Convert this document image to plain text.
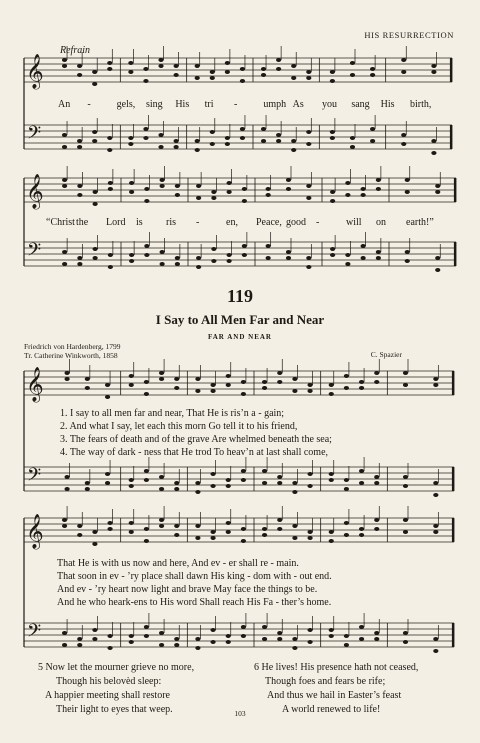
HIS RESURRECTION
Refrain
𝄞
𝄢
𝄞
𝄢
𝄞
𝄢
𝄞
𝄢
An -	gels, sing His tri -	umph As you sang His birth,
“Christ the Lord is ris -	en, Peace, good -	will on earth!”
119
I Say to All Men Far and Near
FAR AND NEAR
Friedrich von Hardenberg, 1799
Tr. Catherine Winkworth, 1858	C. Spazier
1. I say to all men far and near, That He is ris’n a - gain;
2. And what I say, let each this morn Go tell it to his friend,
3. The fears of death and of the grave Are whelmed beneath the sea;
4. The way of dark - ness that He trod To heav’n at last shall come,
That He is with us now and here, And ev - er shall re - main.
That soon in ev - ’ry place shall dawn His king - dom with - out end.
And ev - ’ry heart now light and brave May face the things to be.
And he who heark-ens to His word Shall reach His Fa - ther’s home.
5 Now let the mourner grieve no more,
Though his belovèd sleep:
A happier meeting shall restore
Their light to eyes that weep.
6 He lives! His presence hath not ceased,
Though foes and fears be rife;
And thus we hail in Easter’s feast
A world renewed to life!
103
